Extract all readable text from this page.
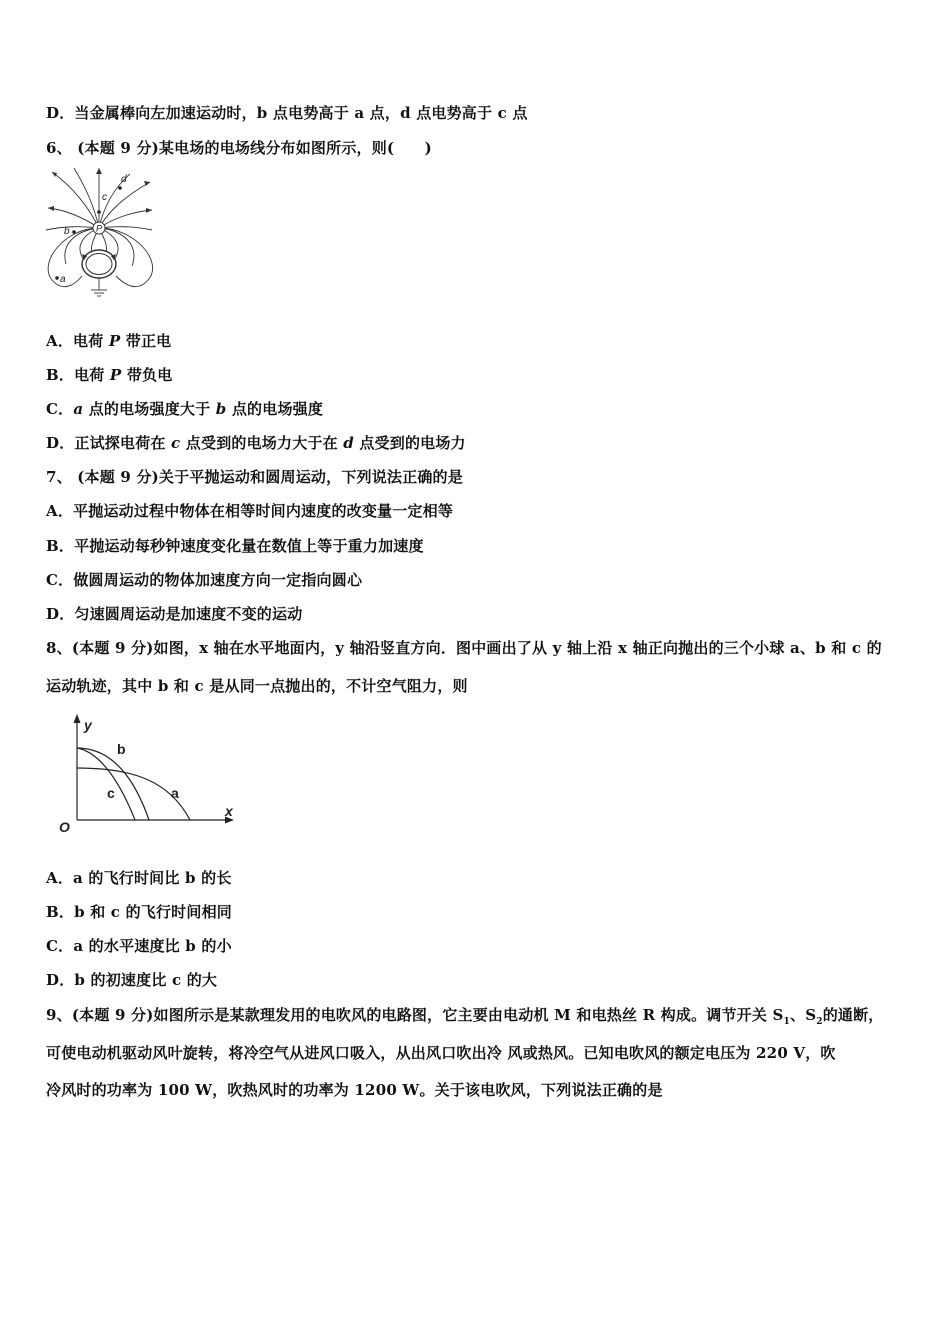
D．当金属棒向左加速运动时，b 点电势高于 a 点，d 点电势高于 c 点
6、 (本题 9 分)某电场的电场线分布如图所示，则(　　)
P
c
d
b
a
A．电荷 P 带正电
B．电荷 P 带负电
C．a 点的电场强度大于 b 点的电场强度
D．正试探电荷在 c 点受到的电场力大于在 d 点受到的电场力
7、 (本题 9 分)关于平抛运动和圆周运动，下列说法正确的是
A．平抛运动过程中物体在相等时间内速度的改变量一定相等
B．平抛运动每秒钟速度变化量在数值上等于重力加速度
C．做圆周运动的物体加速度方向一定指向圆心
D．匀速圆周运动是加速度不变的运动
8、(本题 9 分)如图，x 轴在水平地面内，y 轴沿竖直方向．图中画出了从 y 轴上沿 x 轴正向抛出的三个小球 a、b 和 c 的
运动轨迹，其中 b 和 c 是从同一点抛出的，不计空气阻力，则
y
x
O
b
c	a
A．a 的飞行时间比 b 的长
B．b 和 c 的飞行时间相同
C．a 的水平速度比 b 的小
D．b 的初速度比 c 的大
9、(本题 9 分)如图所示是某款理发用的电吹风的电路图，它主要由电动机 M 和电热丝 R 构成。调节开关 $S_1$、$S_2$的通断，
可使电动机驱动风叶旋转，将冷空气从进风口吸入，从出风口吹出冷 风或热风。已知电吹风的额定电压为 220 V，吹
冷风时的功率为 100 W，吹热风时的功率为 1200 W。关于该电吹风，下列说法正确的是
